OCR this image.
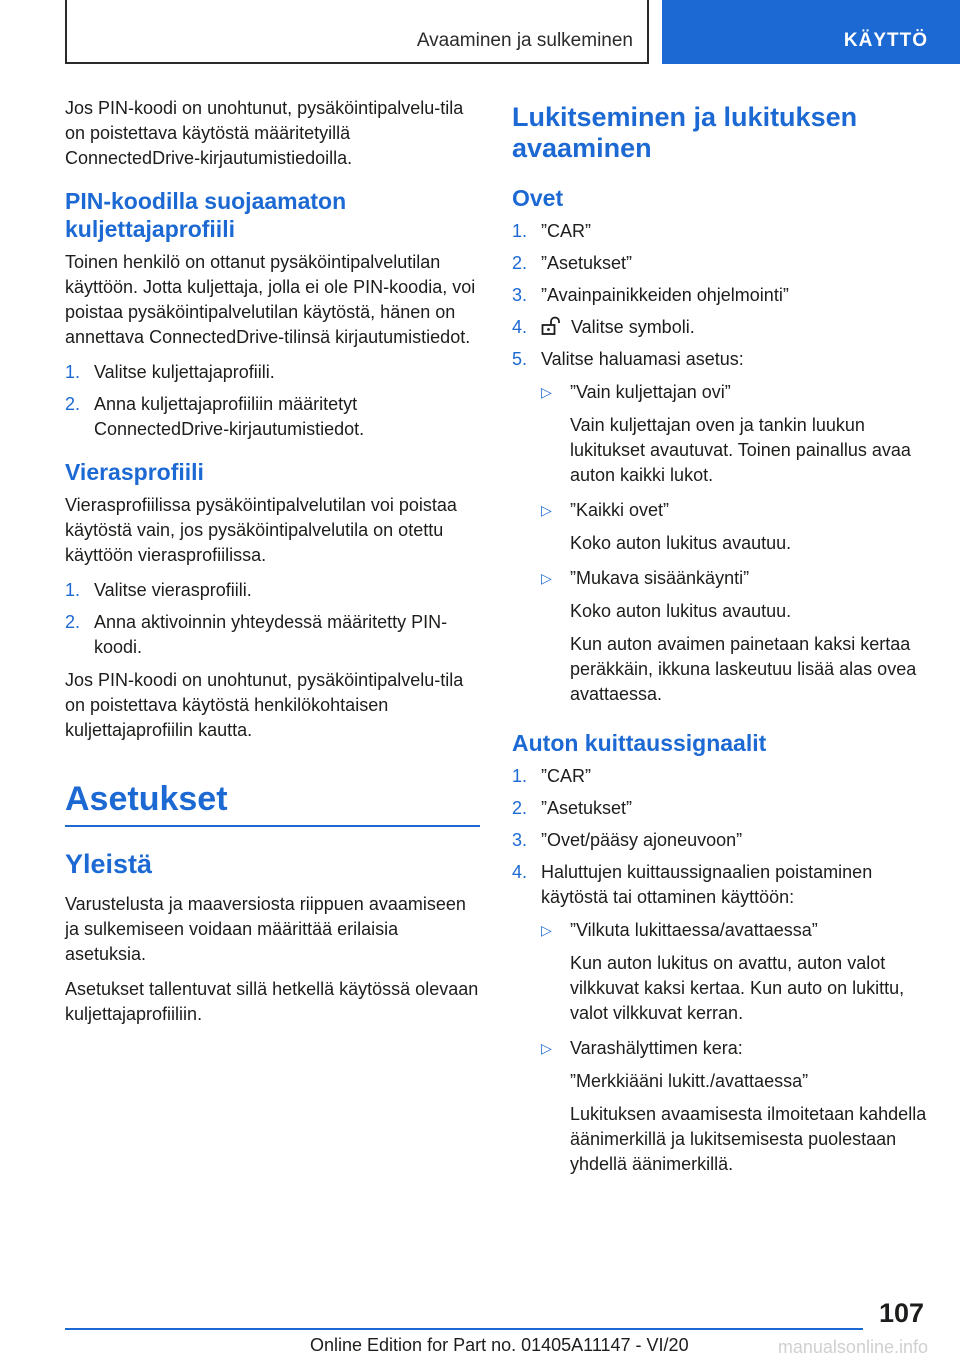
Avaaminen ja sulkeminen	KÄYTTÖ

Jos PIN-koodi on unohtunut, pysäköintipalvelu-tila on poistettava käytöstä määritetyillä ConnectedDrive-kirjautumistiedoilla.

PIN-koodilla suojaamaton kuljettajaprofiili

Toinen henkilö on ottanut pysäköintipalvelutilan käyttöön. Jotta kuljettaja, jolla ei ole PIN-koodia, voi poistaa pysäköintipalvelutilan käytöstä, hänen on annettava ConnectedDrive-tilinsä kirjautumistiedot.

1. Valitse kuljettajaprofiili.
2. Anna kuljettajaprofiiliin määritetyt ConnectedDrive-kirjautumistiedot.
Vierasprofiili

Vierasprofiilissa pysäköintipalvelutilan voi poistaa käytöstä vain, jos pysäköintipalvelutila on otettu käyttöön vierasprofiilissa.

1. Valitse vierasprofiili.
2. Anna aktivoinnin yhteydessä määritetty PIN-koodi.

Jos PIN-koodi on unohtunut, pysäköintipalvelu-tila on poistettava käytöstä henkilökohtaisen kuljettajaprofiilin kautta.

Asetukset
Yleistä

Varustelusta ja maaversiosta riippuen avaamiseen ja sulkemiseen voidaan määrittää erilaisia asetuksia.

Asetukset tallentuvat sillä hetkellä käytössä olevaan kuljettajaprofiiliin.

Lukitseminen ja lukituksen avaaminen
Ovet
1. ”CAR”
2. ”Asetukset”
3. ”Avainpainikkeiden ohjelmointi”
4.	Valitse symboli.
5. Valitse haluamasi asetus:
▷	”Vain kuljettajan ovi”

Vain kuljettajan oven ja tankin luukun lukitukset avautuvat. Toinen painallus avaa auton kaikki lukot.

▷	”Kaikki ovet”

Koko auton lukitus avautuu.

▷	”Mukava sisäänkäynti”

Koko auton lukitus avautuu.

Kun auton avaimen painetaan kaksi kertaa peräkkäin, ikkuna laskeutuu lisää alas ovea avattaessa.

Auton kuittaussignaalit
1. ”CAR”
2. ”Asetukset”
3. ”Ovet/pääsy ajoneuvoon”
4. Haluttujen kuittaussignaalien poistaminen käytöstä tai ottaminen käyttöön:
▷	”Vilkuta lukittaessa/avattaessa”

Kun auton lukitus on avattu, auton valot vilkkuvat kaksi kertaa. Kun auto on lukittu, valot vilkkuvat kerran.

▷	Varashälyttimen kera:

”Merkkiääni lukitt./avattaessa”

Lukituksen avaamisesta ilmoitetaan kahdella äänimerkillä ja lukitsemisesta puolestaan yhdellä äänimerkillä.

107
Online Edition for Part no. 01405A11147 - VI/20	manualsonline.info
